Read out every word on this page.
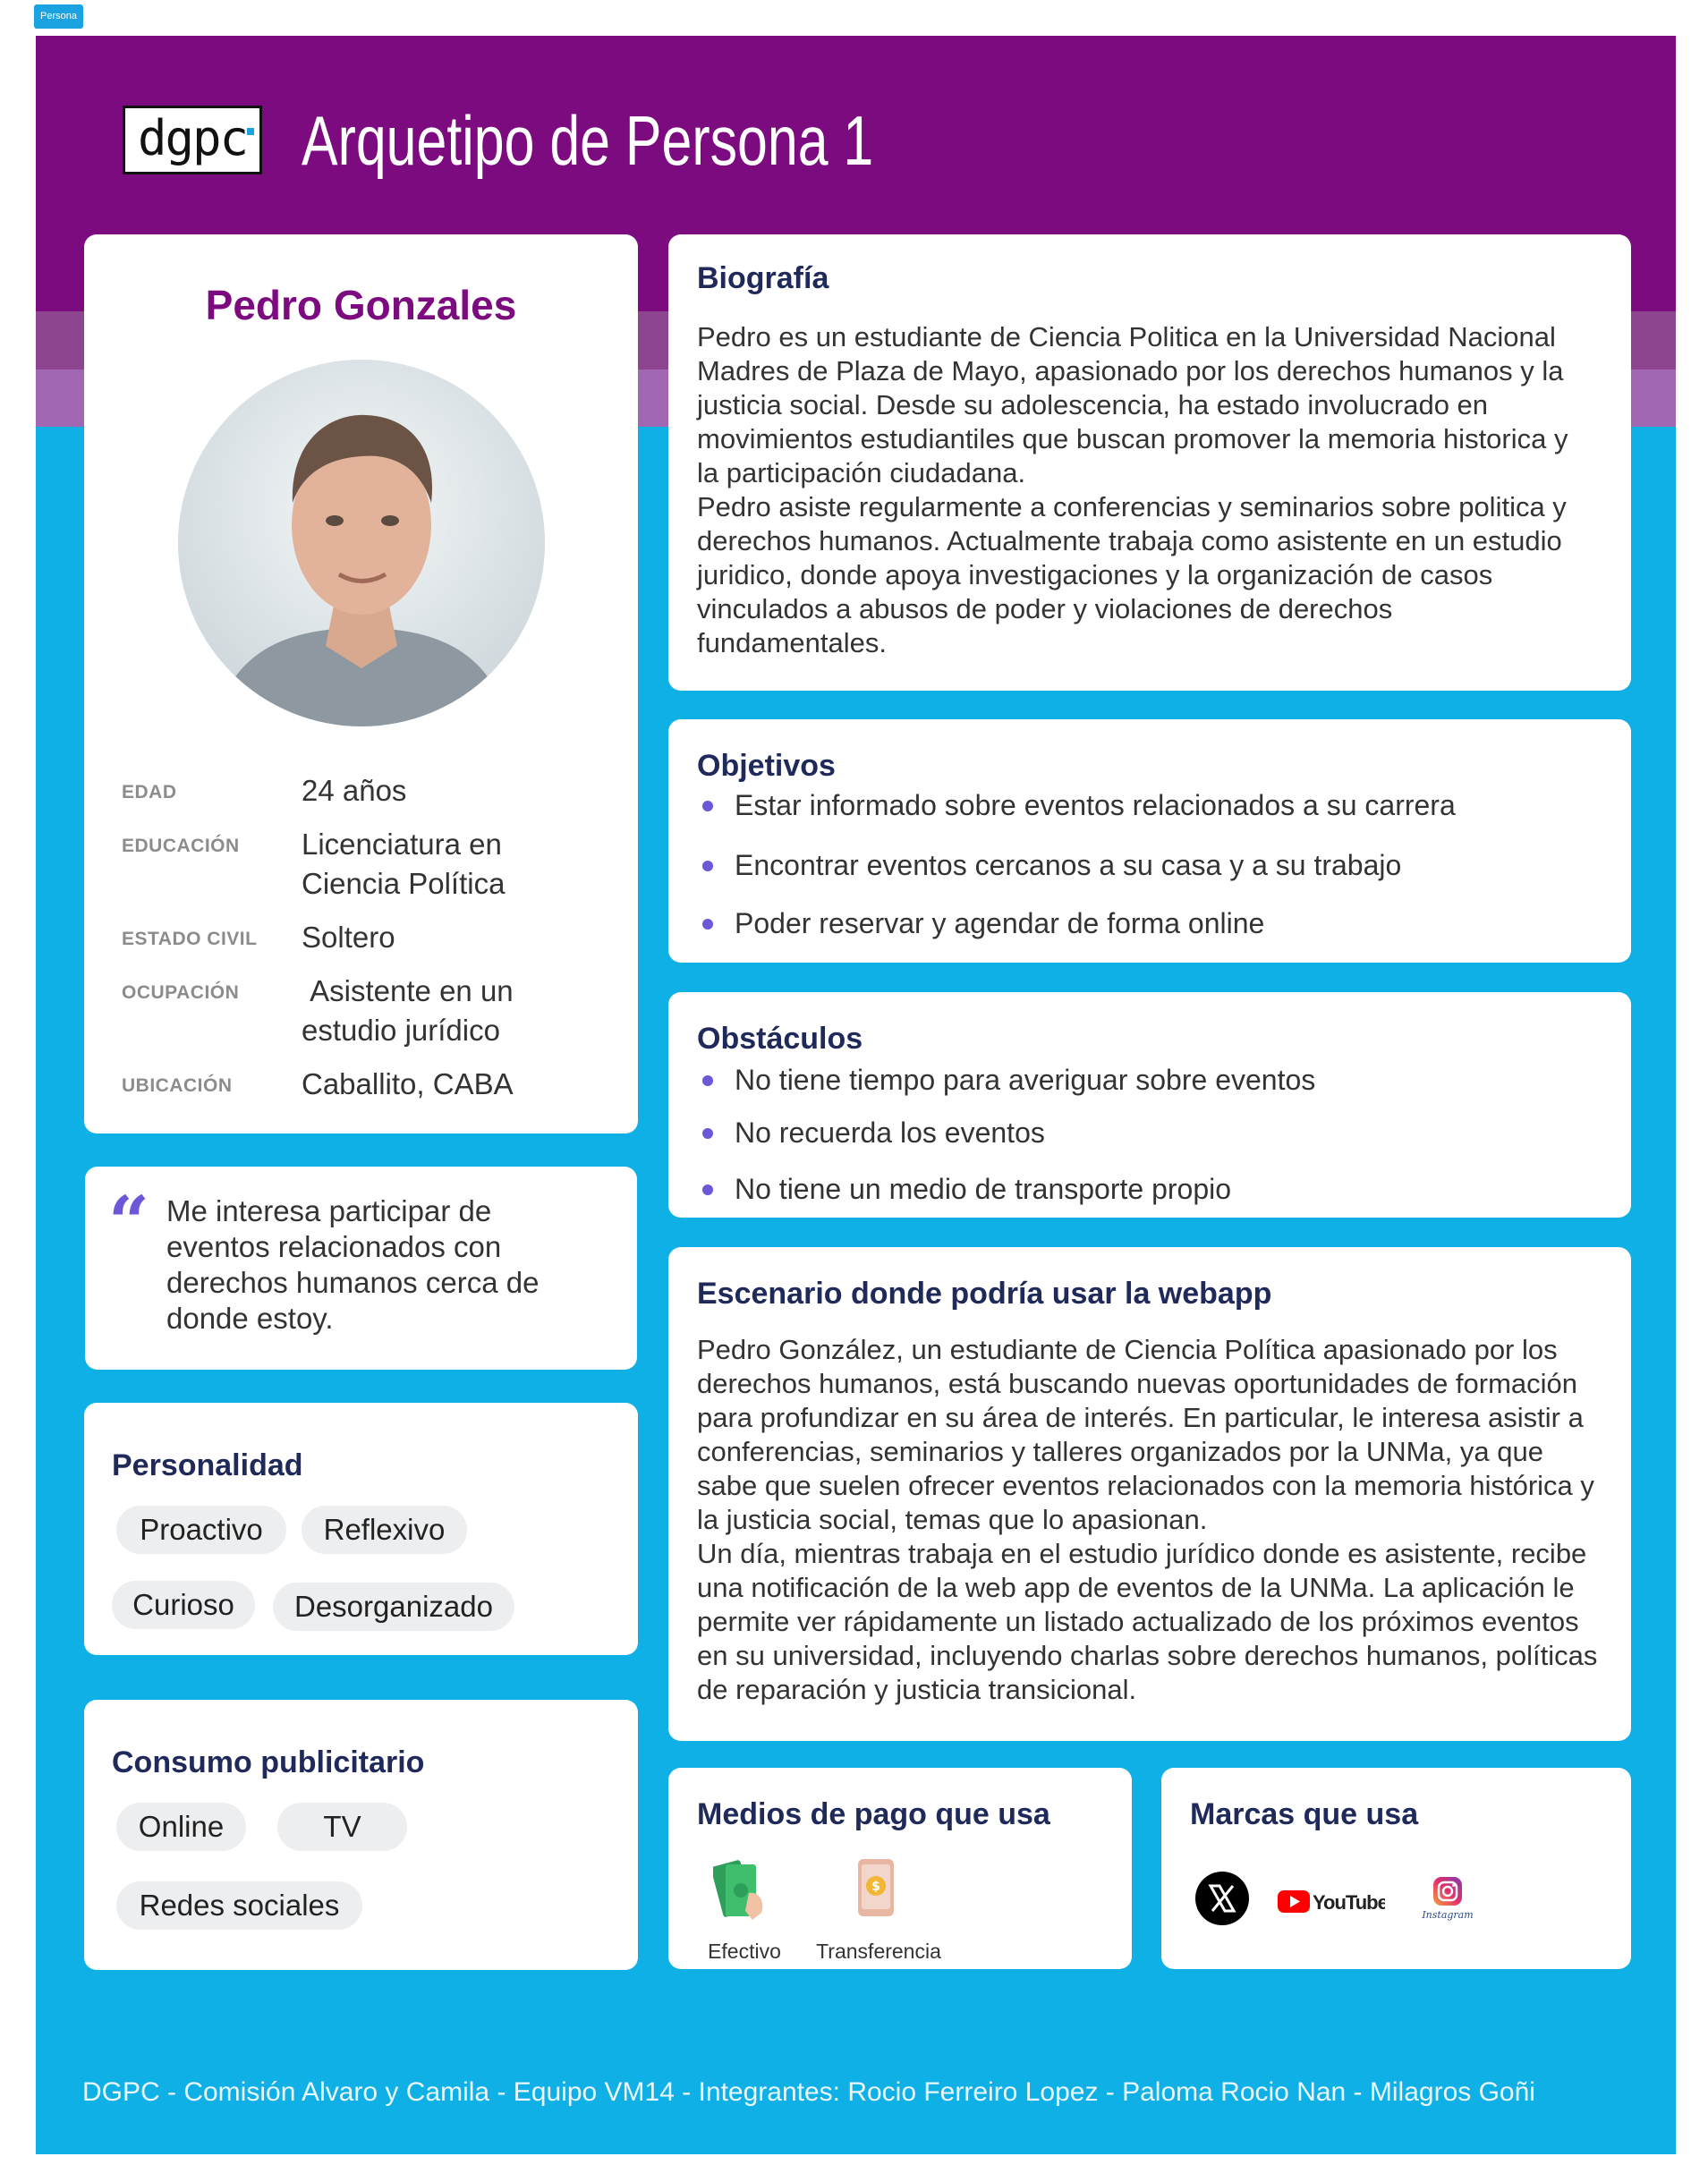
Persona
dgpc Arquetipo de Persona 1
Pedro Gonzales
EDAD	24 años
EDUCACIÓN Licenciatura en Ciencia Política
ESTADO CIVIL Soltero
OCUPACIÓN Asistente en un estudio jurídico
UBICACIÓN Caballito, CABA
“ Me interesa participar de eventos relacionados con derechos humanos cerca de donde estoy.
Personalidad
Proactivo	Reflexivo
Curioso	Desorganizado
Consumo publicitario
Online	TV
Redes sociales
Biografía
Pedro es un estudiante de Ciencia Politica en la Universidad Nacional Madres de Plaza de Mayo, apasionado por los derechos humanos y la justicia social. Desde su adolescencia, ha estado involucrado en movimientos estudiantiles que buscan promover la memoria historica y la participación ciudadana.
Pedro asiste regularmente a conferencias y seminarios sobre politica y derechos humanos. Actualmente trabaja como asistente en un estudio juridico, donde apoya investigaciones y la organización de casos vinculados a abusos de poder y violaciones de derechos fundamentales.
Objetivos
Estar informado sobre eventos relacionados a su carrera
Encontrar eventos cercanos a su casa y a su trabajo
Poder reservar y agendar de forma online
Obstáculos
No tiene tiempo para averiguar sobre eventos
No recuerda los eventos
No tiene un medio de transporte propio
Escenario donde podría usar la webapp
Pedro González, un estudiante de Ciencia Política apasionado por los derechos humanos, está buscando nuevas oportunidades de formación para profundizar en su área de interés. En particular, le interesa asistir a conferencias, seminarios y talleres organizados por la UNMa, ya que sabe que suelen ofrecer eventos relacionados con la memoria histórica y la justicia social, temas que lo apasionan.
Un día, mientras trabaja en el estudio jurídico donde es asistente, recibe una notificación de la web app de eventos de la UNMa. La aplicación le permite ver rápidamente un listado actualizado de los próximos eventos en su universidad, incluyendo charlas sobre derechos humanos, políticas de reparación y justicia transicional.
Medios de pago que usa
Efectivo
$
Transferencia
Marcas que usa
YouTube
Instagram
DGPC - Comisión Alvaro y Camila - Equipo VM14 - Integrantes: Rocio Ferreiro Lopez - Paloma Rocio Nan - Milagros Goñi
